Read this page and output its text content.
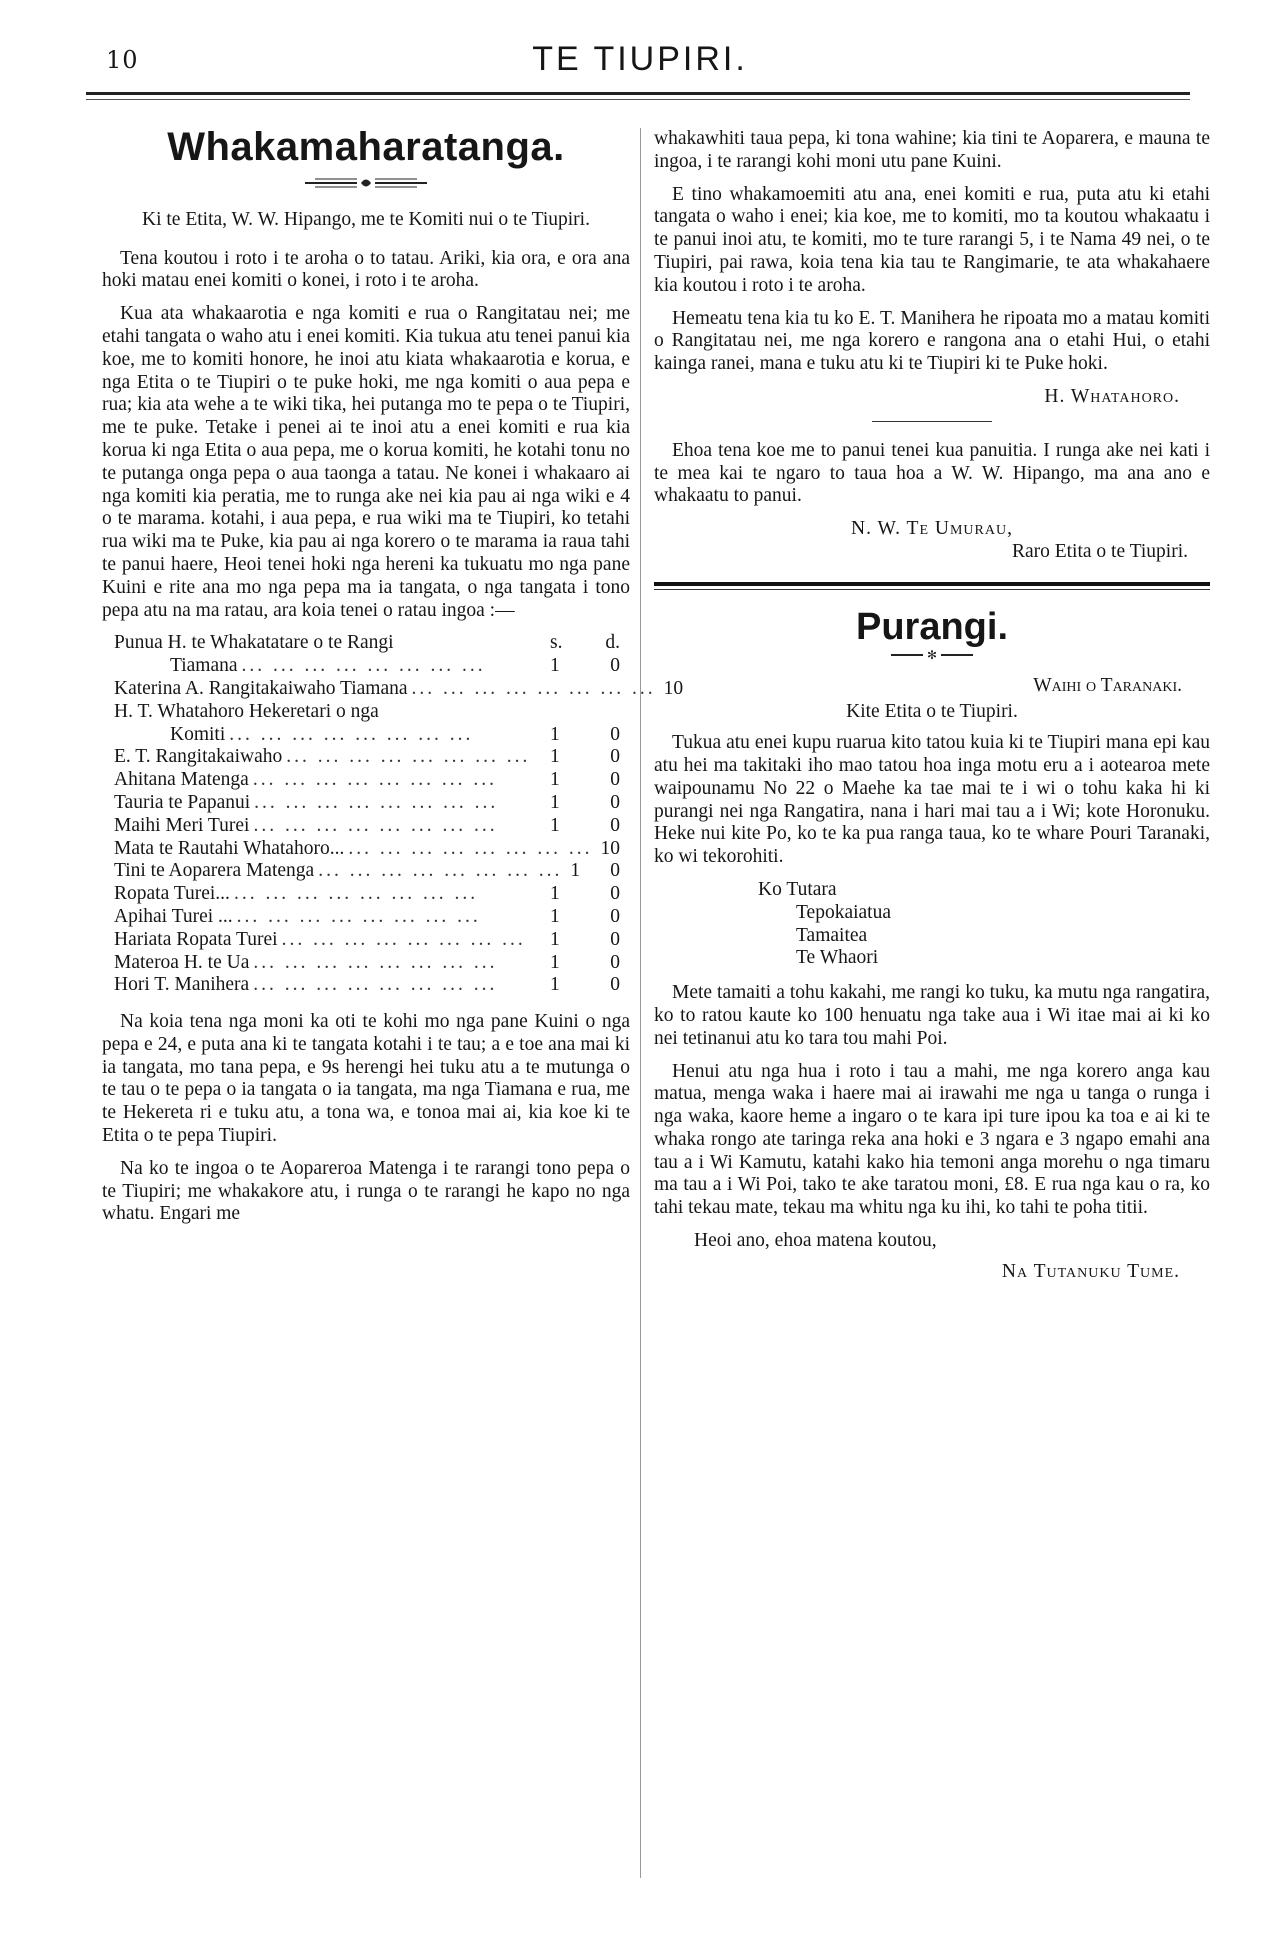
10	TE TIUPIRI.
Whakamaharatanga.

Ki te Etita, W. W. Hipango, me te Komiti nui o te Tiupiri.

Tena koutou i roto i te aroha o to tatau. Ariki, kia ora, e ora ana hoki matau enei komiti o konei, i roto i te aroha.

Kua ata whakaarotia e nga komiti e rua o Rangitatau nei; me etahi tangata o waho atu i enei komiti. Kia tukua atu tenei panui kia koe, me to komiti honore, he inoi atu kiata whakaarotia e koruа, e nga Etita o te Tiupiri o te puke hoki, me nga komiti o aua pepa e rua; kia ata wehe a te wiki tika, hei putanga mo te pepa o te Tiupiri, me te puke. Tetake i penei ai te inoi atu a enei komiti e rua kia koruа ki nga Etita o aua pepa, me o koruа komiti, he kotahi tonu no te putanga onga pepa o aua taonga a tatau. Ne konei i whakaaro ai nga komiti kia peratia, me to runga ake nei kia pau ai nga wiki e 4 o te marama. kotahi, i aua pepa, e rua wiki ma te Tiupiri, ko tetahi rua wiki ma te Puke, kia pau ai nga korero o te marama ia raua tahi te panui haere, Heoi tenei hoki nga hereni ka tukuatu mo nga pane Kuini e rite ana mo nga pepa ma ia tangata, o nga tangata i tono pepa atu na ma ratau, ara koia tenei o ratau ingoa :—

Punua H. te Whakatatare o te Rangi	s. d.
Tiamana ... ... ... ... ... ... ... ...	1	0
Katerina A. Rangitakaiwaho Tiamana ... ... ... ... ... ... ... ... 1 0
H. T. Whatahoro Hekeretari o nga
Komiti ... ... ... ... ... ... ... ...	1	0
E. T. Rangitakaiwaho ... ... ... ... ... ... ... ...	1	0
Ahitana Matenga ... ... ... ... ... ... ... ...	1	0
Tauria te Papanui ... ... ... ... ... ... ... ...	1	0
Maihi Meri Turei ... ... ... ... ... ... ... ...	1	0
Mata te Rautahi Whatahoro... ... ... ... ... ... ... ... ... 1 0
Tini te Aoparera Matenga ... ... ... ... ... ... ... ... 1 0
Ropata Turei... ... ... ... ... ... ... ... ...	1	0
Apihai Turei ... ... ... ... ... ... ... ... ...	1	0
Hariata Ropata Turei ... ... ... ... ... ... ... ...	1	0
Materoa H. te Ua ... ... ... ... ... ... ... ...	1	0
Hori T. Manihera ... ... ... ... ... ... ... ...	1	0

Na koia tena nga moni ka oti te kohi mo nga pane Kuini o nga pepa e 24, e puta ana ki te tangata kotahi i te tau; a e toe ana mai ki ia tangata, mo tana pepa, e 9s herengi hei tuku atu a te mutunga o te tau o te pepa o ia tangata o ia tangata, ma nga Tiamana e rua, me te Hekereta ri e tuku atu, a tona wa, e tonoa mai ai, kia koe ki te Etita o te pepa Tiupiri.

Na ko te ingoa o te Aopareroa Matenga i te rarangi tono pepa o te Tiupiri; me whakakore atu, i runga o te rarangi he kapo no nga whatu. Engari me

whakawhiti taua pepa, ki tona wahine; kia tini te Aoparera, e mauna te ingoa, i te rarangi kohi moni utu pane Kuini.

E tino whakamoemiti atu ana, enei komiti e rua, puta atu ki etahi tangata o waho i enei; kia koe, me to komiti, mo ta koutou whakaatu i te panui inoi atu, te komiti, mo te ture rarangi 5, i te Nama 49 nei, o te Tiupiri, pai rawa, koia tena kia tau te Rangimarie, te ata whakahaere kia koutou i roto i te aroha.

Hemeatu tena kia tu ko E. T. Manihera he ripoata mo a matau komiti o Rangitatau nei, me nga korero e rangona ana o etahi Hui, o etahi kainga ranei, mana e tuku atu ki te Tiupiri ki te Puke hoki.

H. Whatahoro.

Ehoa tena koe me to panui tenei kua panuitia. I runga ake nei kati i te mea kai te ngaro to taua hoa a W. W. Hipango, ma ana ano e whakaatu to panui.

N. W. Te Umurau,
Raro Etita o te Tiupiri.
Purangi.
✻

Waihi o Taranaki.

Kite Etita o te Tiupiri.

Tukua atu enei kupu ruarua kito tatou kuia ki te Tiupiri mana epi kau atu hei ma takitaki iho mao tatou hoa inga motu eru a i aotearoa mete waipounamu No 22 o Maehe ka tae mai te i wi o tohu kaka hi ki purangi nei nga Rangatira, nana i hari mai tau a i Wi; kote Horonuku. Heke nui kite Po, ko te ka pua ranga taua, ko te whare Pouri Taranaki, ko wi tekorohiti.

Ko Tutara
Tepokaiatua
Tamaitea
Te Whaori

Mete tamaiti a tohu kakahi, me rangi ko tuku, ka mutu nga rangatira, ko to ratou kaute ko 100 henuatu nga take aua i Wi itae mai ai ki ko nei tetinanui atu ko tara tou mahi Poi.

Henui atu nga hua i roto i tau a mahi, me nga korero anga kau matua, menga waka i haere mai ai irawahi me nga u tanga o runga i nga waka, kaore heme a ingaro o te kara ipi ture ipou ka toa e ai ki te whaka rongo ate taringa reka ana hoki e 3 ngara e 3 ngapo emahi ana tau a i Wi Kamutu, katahi kako hia temoni anga morehu o nga timaru ma tau a i Wi Poi, tako te ake taratou moni, £8. E rua nga kau o ra, ko tahi tekau mate, tekau ma whitu nga ku ihi, ko tahi te poha titii.

Heoi ano, ehoa matena koutou,

Na Tutanuku Tume.
